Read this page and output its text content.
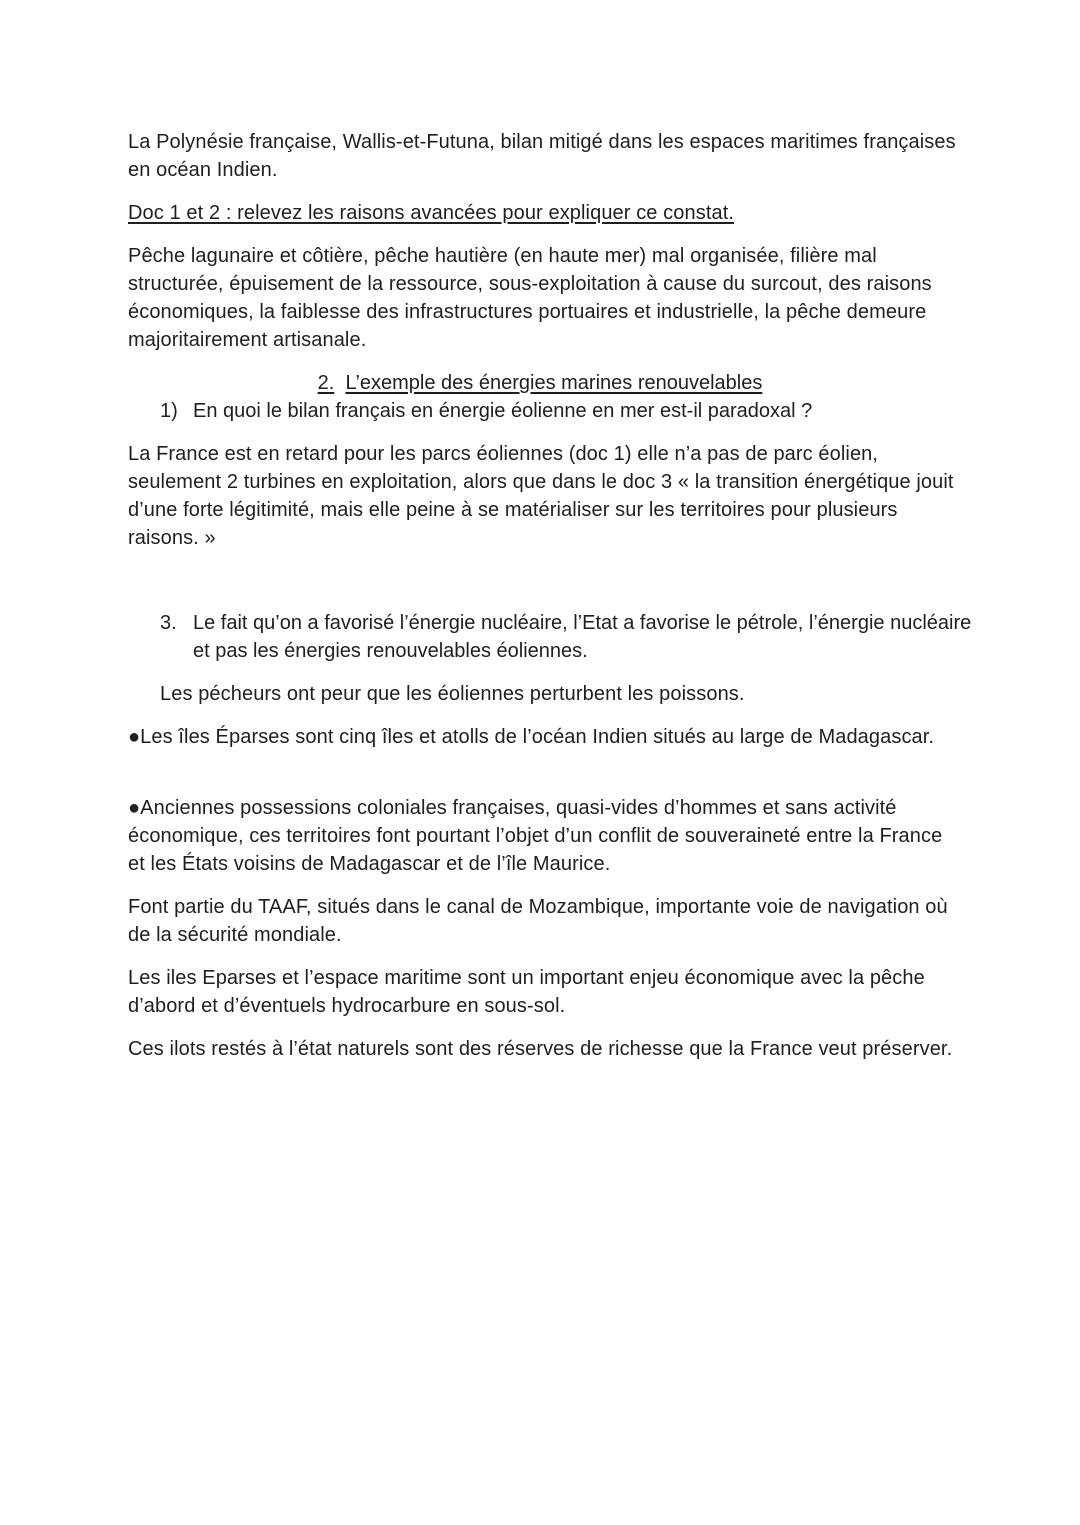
La Polynésie française, Wallis-et-Futuna, bilan mitigé dans les espaces maritimes françaises en océan Indien.

Doc 1 et 2 : relevez les raisons avancées pour expliquer ce constat.

Pêche lagunaire et côtière, pêche hautière (en haute mer) mal organisée, filière mal structurée, épuisement de la ressource, sous-exploitation à cause du surcout, des raisons économiques, la faiblesse des infrastructures portuaires et industrielle, la pêche demeure majoritairement artisanale.

2. L’exemple des énergies marines renouvelables

1) En quoi le bilan français en énergie éolienne en mer est-il paradoxal ?

La France est en retard pour les parcs éoliennes (doc 1) elle n’a pas de parc éolien, seulement 2 turbines en exploitation, alors que dans le doc 3 « la transition énergétique jouit d’une forte légitimité, mais elle peine à se matérialiser sur les territoires pour plusieurs raisons. »

3. Le fait qu’on a favorisé l’énergie nucléaire, l’Etat a favorise le pétrole, l’énergie nucléaire et pas les énergies renouvelables éoliennes.

Les pécheurs ont peur que les éoliennes perturbent les poissons.

●Les îles Éparses sont cinq îles et atolls de l’océan Indien situés au large de Madagascar.

●Anciennes possessions coloniales françaises, quasi-vides d’hommes et sans activité économique, ces territoires font pourtant l’objet d’un conflit de souveraineté entre la France et les États voisins de Madagascar et de l’île Maurice.

Font partie du TAAF, situés dans le canal de Mozambique, importante voie de navigation où de la sécurité mondiale.

Les iles Eparses et l’espace maritime sont un important enjeu économique avec la pêche d’abord et d’éventuels hydrocarbure en sous-sol.

Ces ilots restés à l’état naturels sont des réserves de richesse que la France veut préserver.
